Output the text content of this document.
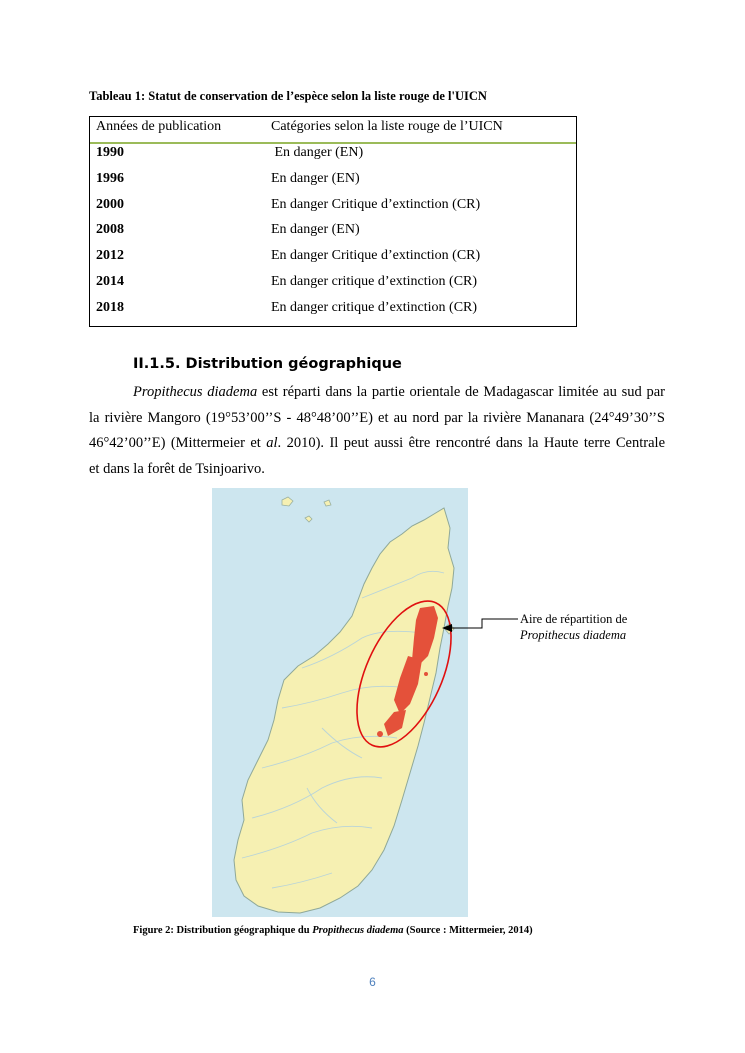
Tableau 1: Statut de conservation de l’espèce selon la liste rouge de l'UICN
Années de publication	Catégories selon la liste rouge de l’UICN
1990	En danger (EN)
1996	En danger (EN)
2000	En danger Critique d’extinction (CR)
2008	En danger (EN)
2012	En danger Critique d’extinction (CR)
2014	En danger critique d’extinction (CR)
2018	En danger critique d’extinction (CR)
II.1.5. Distribution géographique
Propithecus diadema est réparti dans la partie orientale de Madagascar limitée au sud par
la rivière Mangoro (19°53’00’’S - 48°48’00’’E) et au nord par la rivière Mananara (24°49’30’’S
46°42’00’’E) (Mittermeier et al. 2010). Il peut aussi être rencontré dans la Haute terre Centrale
et dans la forêt de Tsinjoarivo.
Aire de répartition de
Propithecus diadema
Figure 2: Distribution géographique du Propithecus diadema (Source : Mittermeier, 2014)
6
